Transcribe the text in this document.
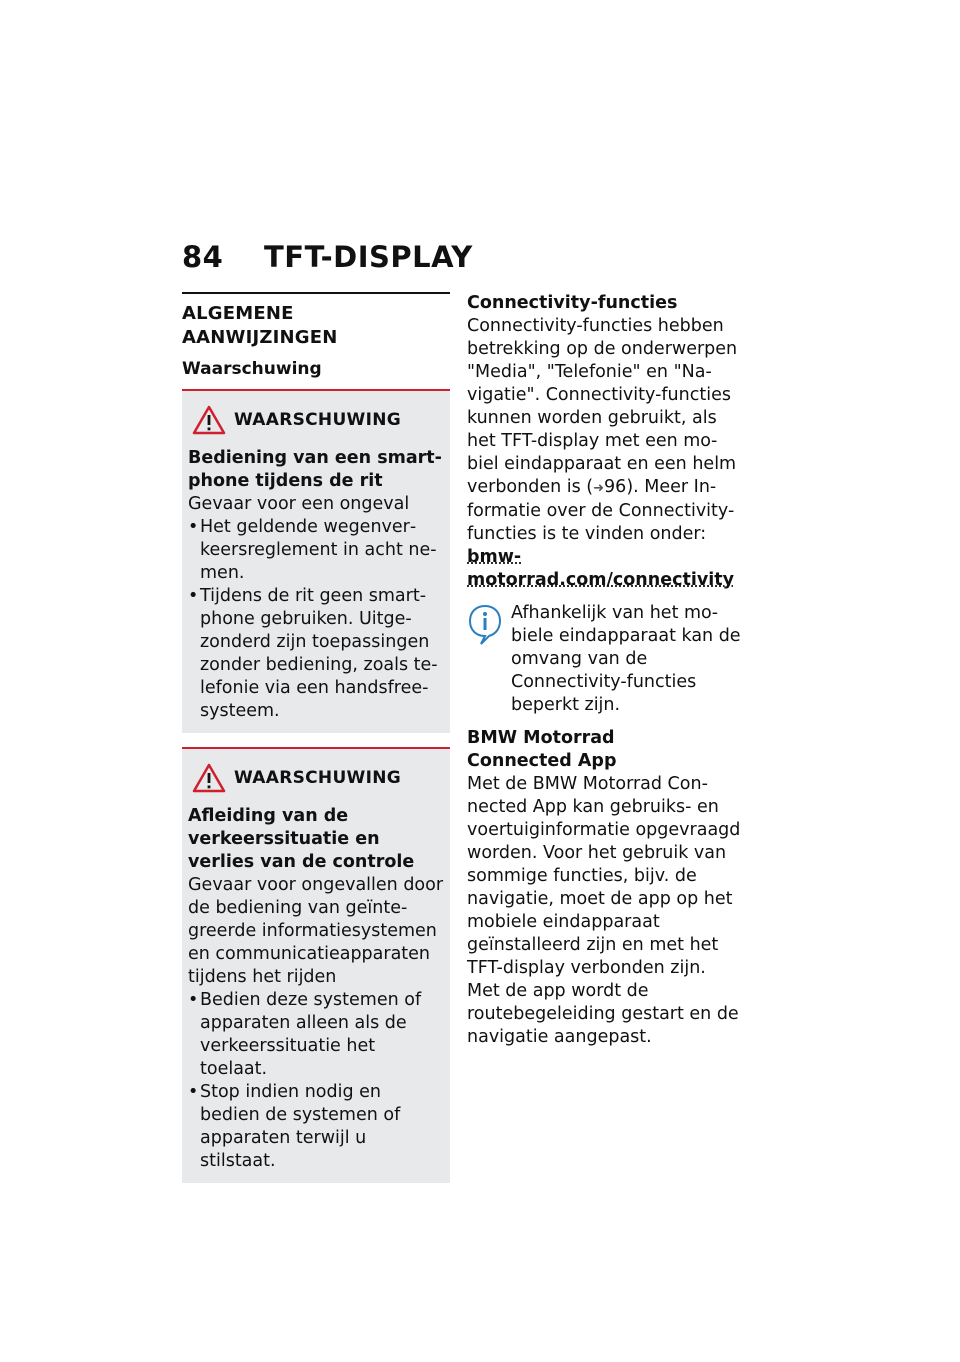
84 TFT-DISPLAY
ALGEMENE AANWIJZINGEN
Waarschuwing
WAARSCHUWING
Bediening van een smartphone tijdens de rit
Gevaar voor een ongeval
• Het geldende wegenverkeersreglement in acht nemen.
• Tijdens de rit geen smartphone gebruiken. Uitgezonderd zijn toepassingen zonder bediening, zoals telefonie via een handsfree-systeem.
WAARSCHUWING
Afleiding van de verkeerssituatie en verlies van de controle
Gevaar voor ongevallen door de bediening van geïntegreerde informatiesystemen en communicatieapparaten tijdens het rijden
• Bedien deze systemen of apparaten alleen als de verkeerssituatie het toelaat.
• Stop indien nodig en bedien de systemen of apparaten terwijl u stilstaat.
Connectivity-functies
Connectivity-functies hebben betrekking op de onderwerpen "Media", "Telefonie" en "Navigatie". Connectivity-functies kunnen worden gebruikt, als het TFT-display met een mobiel eindapparaat en een helm verbonden is (➜96). Meer Informatie over de Connectivity-functies is te vinden onder:
bmw-motorrad.com/connectivity
Afhankelijk van het mobiele eindapparaat kan de omvang van de Connectivity-functies beperkt zijn.
BMW Motorrad
Connected App
Met de BMW Motorrad Connected App kan gebruiks- en voertuiginformatie opgevraagd worden. Voor het gebruik van sommige functies, bijv. de navigatie, moet de app op het mobiele eindapparaat geïnstalleerd zijn en met het TFT-display verbonden zijn. Met de app wordt de routebegeleiding gestart en de navigatie aangepast.
